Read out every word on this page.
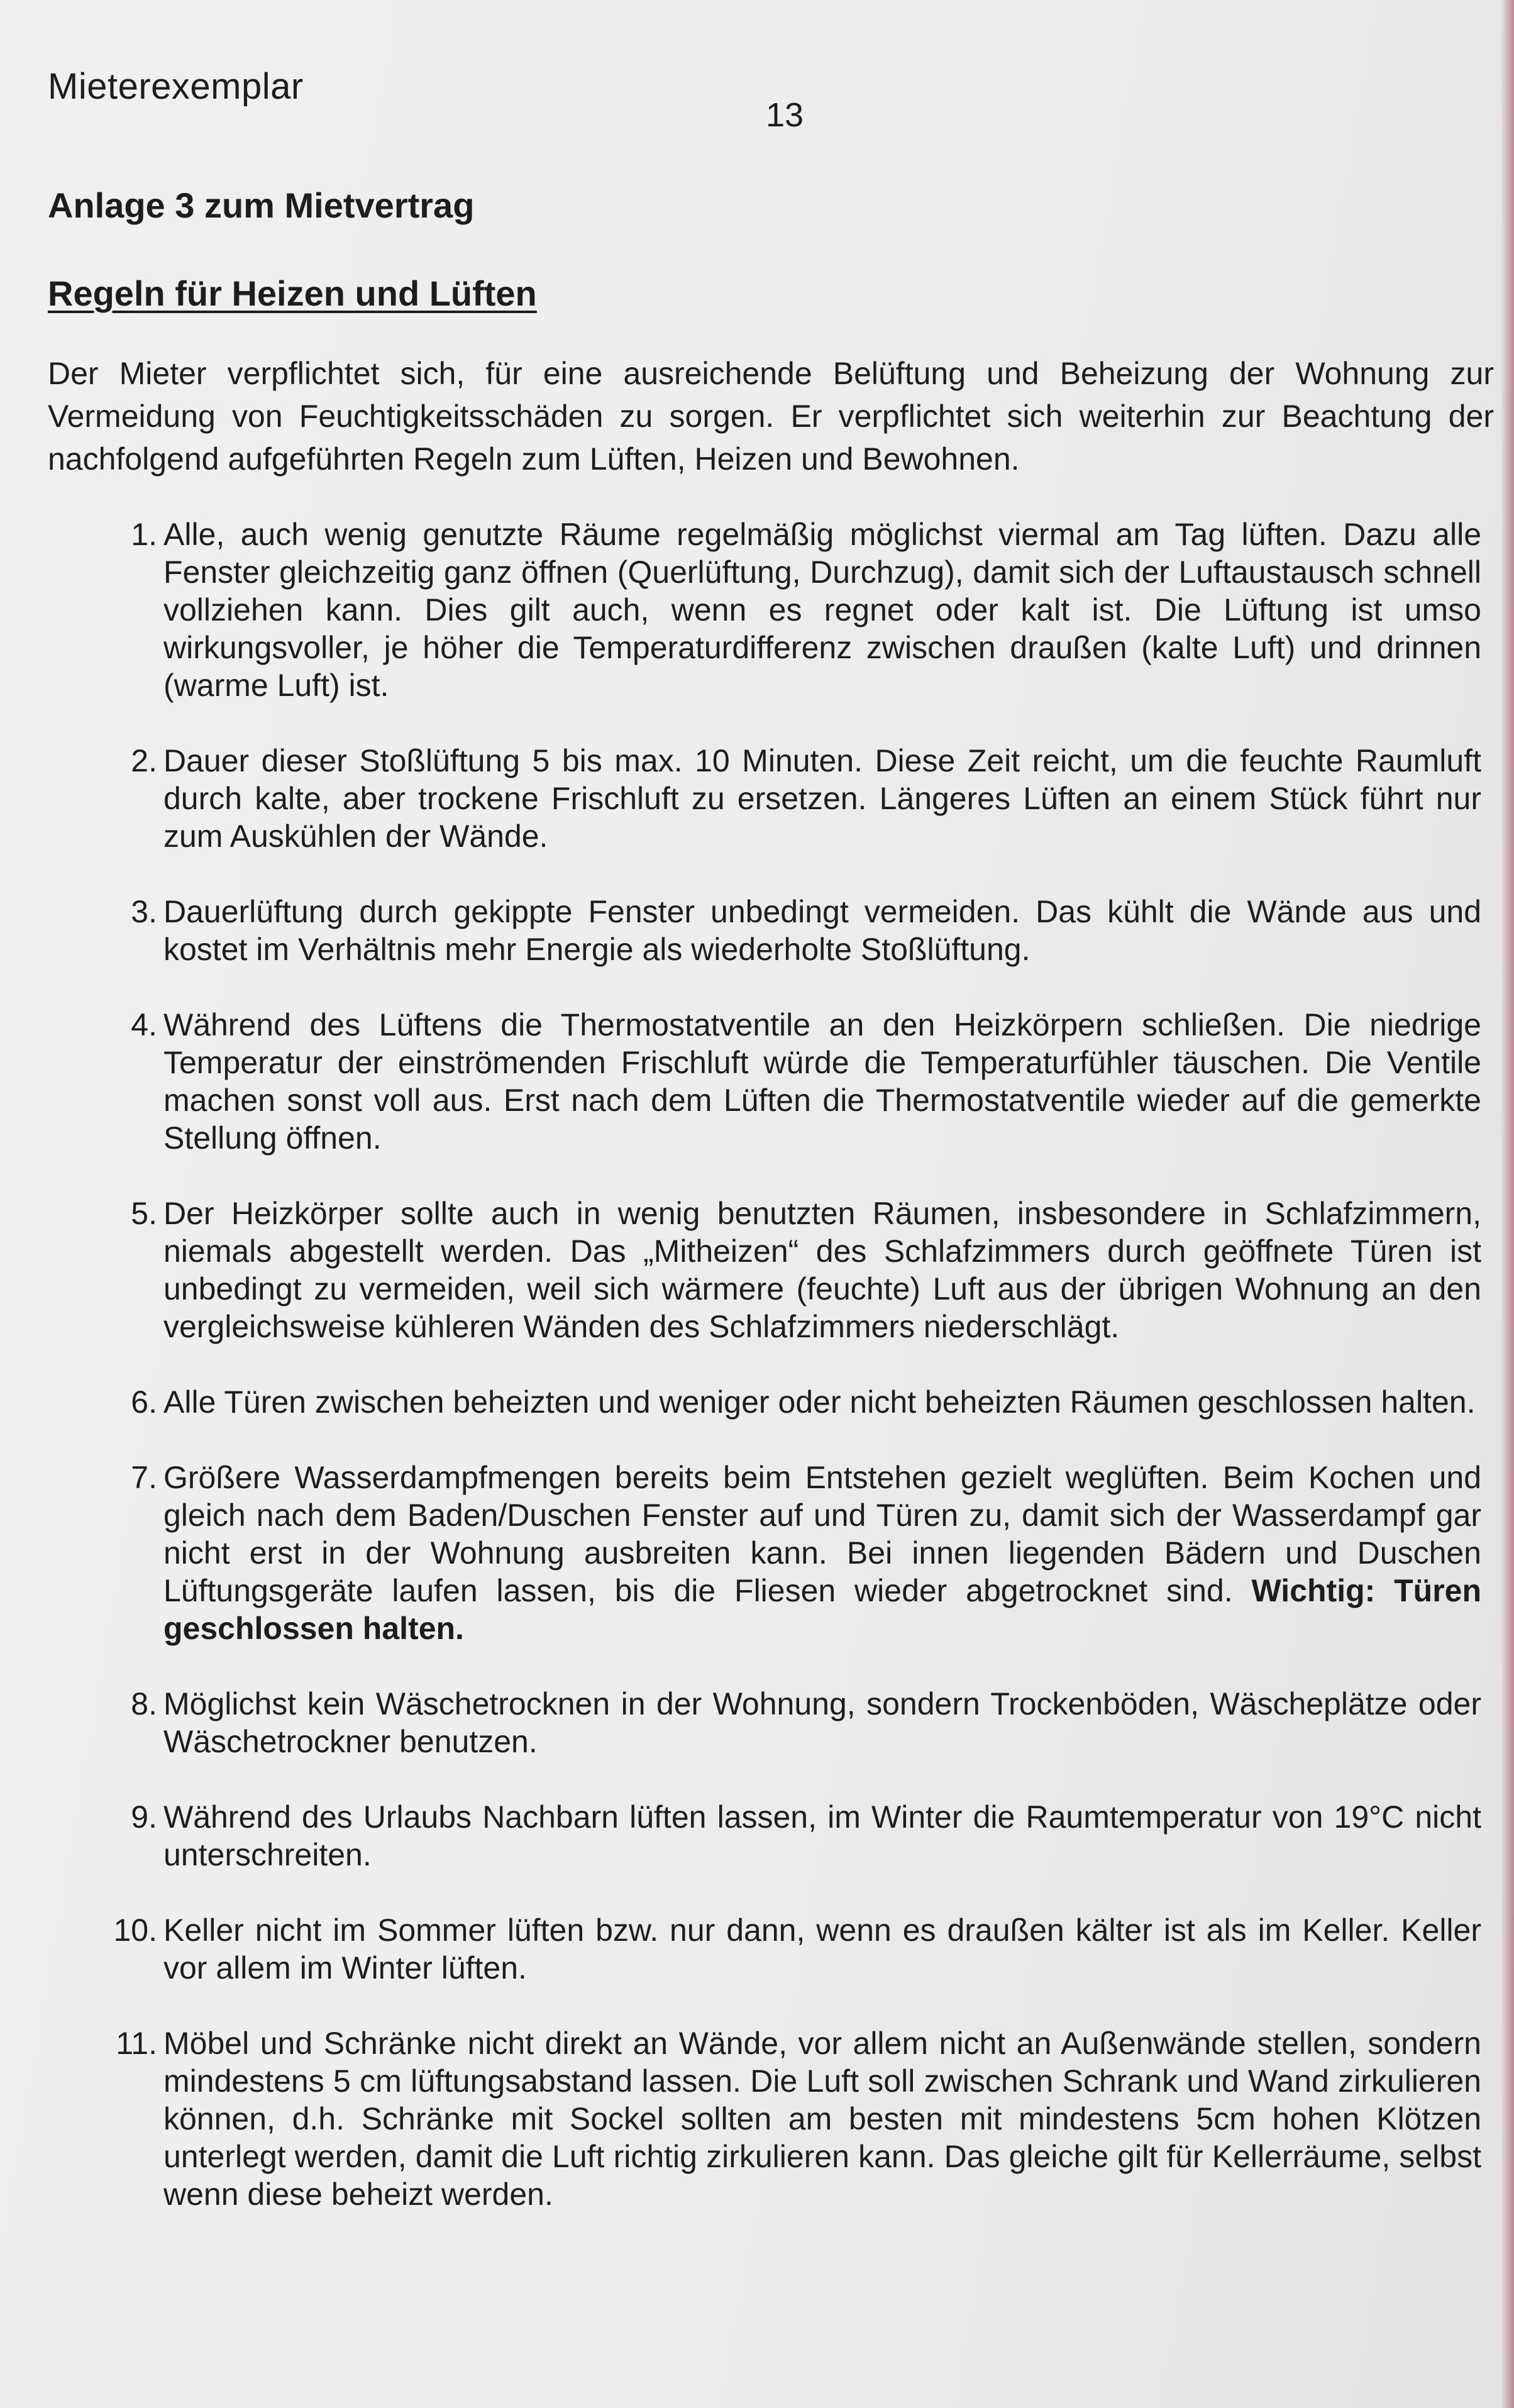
Mieterexemplar
13
Anlage 3 zum Mietvertrag
Regeln für Heizen und Lüften
Der Mieter verpflichtet sich, für eine ausreichende Belüftung und Beheizung der Wohnung zur Vermeidung von Feuchtigkeitsschäden zu sorgen. Er verpflichtet sich weiterhin zur Beachtung der nachfolgend aufgeführten Regeln zum Lüften, Heizen und Bewohnen.
1. Alle, auch wenig genutzte Räume regelmäßig möglichst viermal am Tag lüften. Dazu alle Fenster gleichzeitig ganz öffnen (Querlüftung, Durchzug), damit sich der Luftaustausch schnell vollziehen kann. Dies gilt auch, wenn es regnet oder kalt ist. Die Lüftung ist umso wirkungsvoller, je höher die Temperaturdifferenz zwischen draußen (kalte Luft) und drinnen (warme Luft) ist.
2. Dauer dieser Stoßlüftung 5 bis max. 10 Minuten. Diese Zeit reicht, um die feuchte Raumluft durch kalte, aber trockene Frischluft zu ersetzen. Längeres Lüften an einem Stück führt nur zum Auskühlen der Wände.
3. Dauerlüftung durch gekippte Fenster unbedingt vermeiden. Das kühlt die Wände aus und kostet im Verhältnis mehr Energie als wiederholte Stoßlüftung.
4. Während des Lüftens die Thermostatventile an den Heizkörpern schließen. Die niedrige Temperatur der einströmenden Frischluft würde die Temperaturfühler täuschen. Die Ventile machen sonst voll aus. Erst nach dem Lüften die Thermostatventile wieder auf die gemerkte Stellung öffnen.
5. Der Heizkörper sollte auch in wenig benutzten Räumen, insbesondere in Schlafzimmern, niemals abgestellt werden. Das „Mitheizen“ des Schlafzimmers durch geöffnete Türen ist unbedingt zu vermeiden, weil sich wärmere (feuchte) Luft aus der übrigen Wohnung an den vergleichsweise kühleren Wänden des Schlafzimmers niederschlägt.
6. Alle Türen zwischen beheizten und weniger oder nicht beheizten Räumen geschlossen halten.
7. Größere Wasserdampfmengen bereits beim Entstehen gezielt weglüften. Beim Kochen und gleich nach dem Baden/Duschen Fenster auf und Türen zu, damit sich der Wasserdampf gar nicht erst in der Wohnung ausbreiten kann. Bei innen liegenden Bädern und Duschen Lüftungsgeräte laufen lassen, bis die Fliesen wieder abgetrocknet sind. Wichtig: Türen geschlossen halten.
8. Möglichst kein Wäschetrocknen in der Wohnung, sondern Trockenböden, Wäscheplätze oder Wäschetrockner benutzen.
9. Während des Urlaubs Nachbarn lüften lassen, im Winter die Raumtemperatur von 19°C nicht unterschreiten.
10. Keller nicht im Sommer lüften bzw. nur dann, wenn es draußen kälter ist als im Keller. Keller vor allem im Winter lüften.
11. Möbel und Schränke nicht direkt an Wände, vor allem nicht an Außenwände stellen, sondern mindestens 5 cm lüftungsabstand lassen. Die Luft soll zwischen Schrank und Wand zirkulieren können, d.h. Schränke mit Sockel sollten am besten mit mindestens 5cm hohen Klötzen unterlegt werden, damit die Luft richtig zirkulieren kann. Das gleiche gilt für Kellerräume, selbst wenn diese beheizt werden.
